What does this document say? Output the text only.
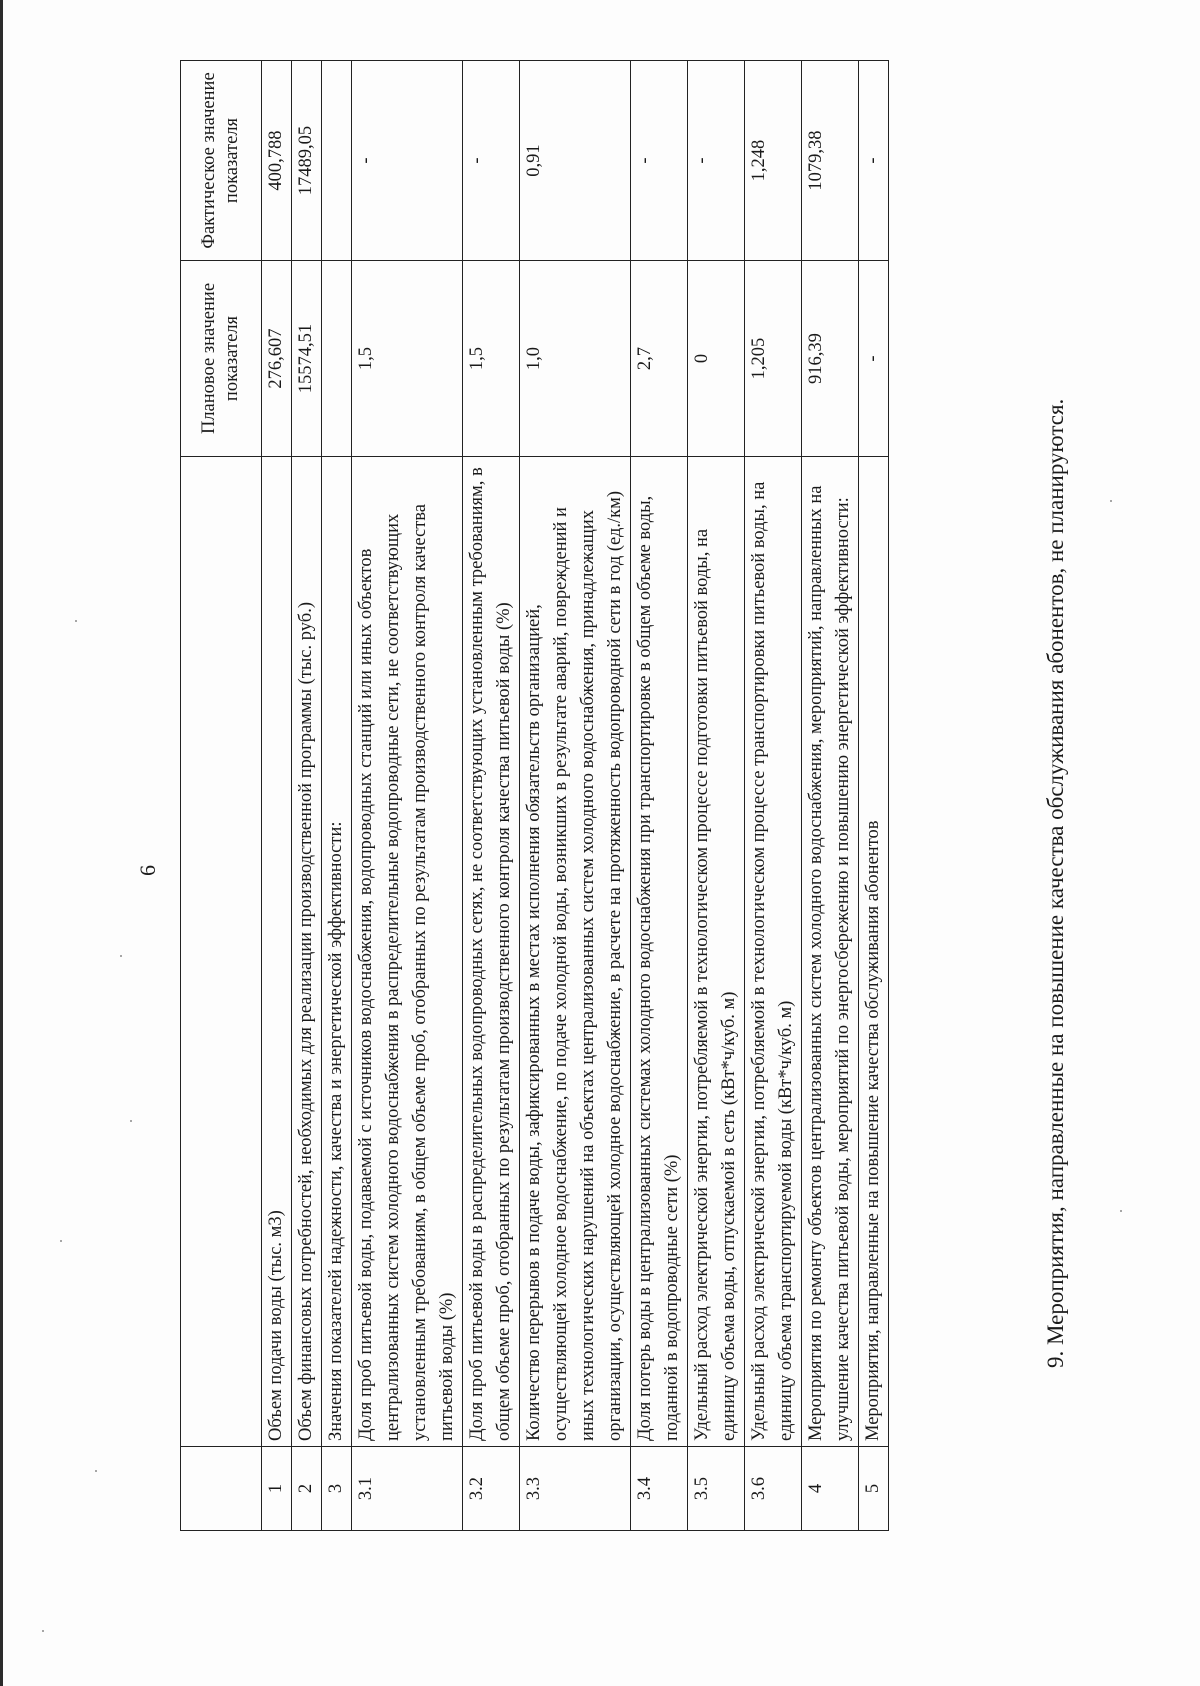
6
		Плановое значение показателя	Фактическое значение показателя
1	Объем подачи воды (тыс. м3)	276,607	400,788
2	Объем финансовых потребностей, необходимых для реализации производственной программы (тыс. руб.)	15574,51	17489,05
3	Значения показателей надежности, качества и энергетической эффективности:		
3.1	Доля проб питьевой воды, подаваемой с источников водоснабжения, водопроводных станций или иных объектов централизованных систем холодного водоснабжения в распределительные водопроводные сети, не соответствующих установленным требованиям, в общем объеме проб, отобранных по результатам производственного контроля качества питьевой воды (%)	1,5	-
3.2	Доля проб питьевой воды в распределительных водопроводных сетях, не соответствующих установленным требованиям, в общем объеме проб, отобранных по результатам производственного контроля качества питьевой воды (%)	1,5	-
3.3	Количество перерывов в подаче воды, зафиксированных в местах исполнения обязательств организацией, осуществляющей холодное водоснабжение, по подаче холодной воды, возникших в результате аварий, повреждений и иных технологических нарушений на объектах централизованных систем холодного водоснабжения, принадлежащих организации, осуществляющей холодное водоснабжение, в расчете на протяженность водопроводной сети в год (ед./км)	1,0	0,91
3.4	Доля потерь воды в централизованных системах холодного водоснабжения при транспортировке в общем объеме воды, поданной в водопроводные сети (%)	2,7	-
3.5	Удельный расход электрической энергии, потребляемой в технологическом процессе подготовки питьевой воды, на единицу объема воды, отпускаемой в сеть (кВт*ч/куб. м)	0	-
3.6	Удельный расход электрической энергии, потребляемой в технологическом процессе транспортировки питьевой воды, на единицу объема транспортируемой воды (кВт*ч/куб. м)	1,205	1,248
4	Мероприятия по ремонту объектов централизованных систем холодного водоснабжения, мероприятий, направленных на улучшение качества питьевой воды, мероприятий по энергосбережению и повышению энергетической эффективности:	916,39	1079,38
5	Мероприятия, направленные на повышение качества обслуживания абонентов	-	-
9. Мероприятия, направленные на повышение качества обслуживания абонентов, не планируются.
